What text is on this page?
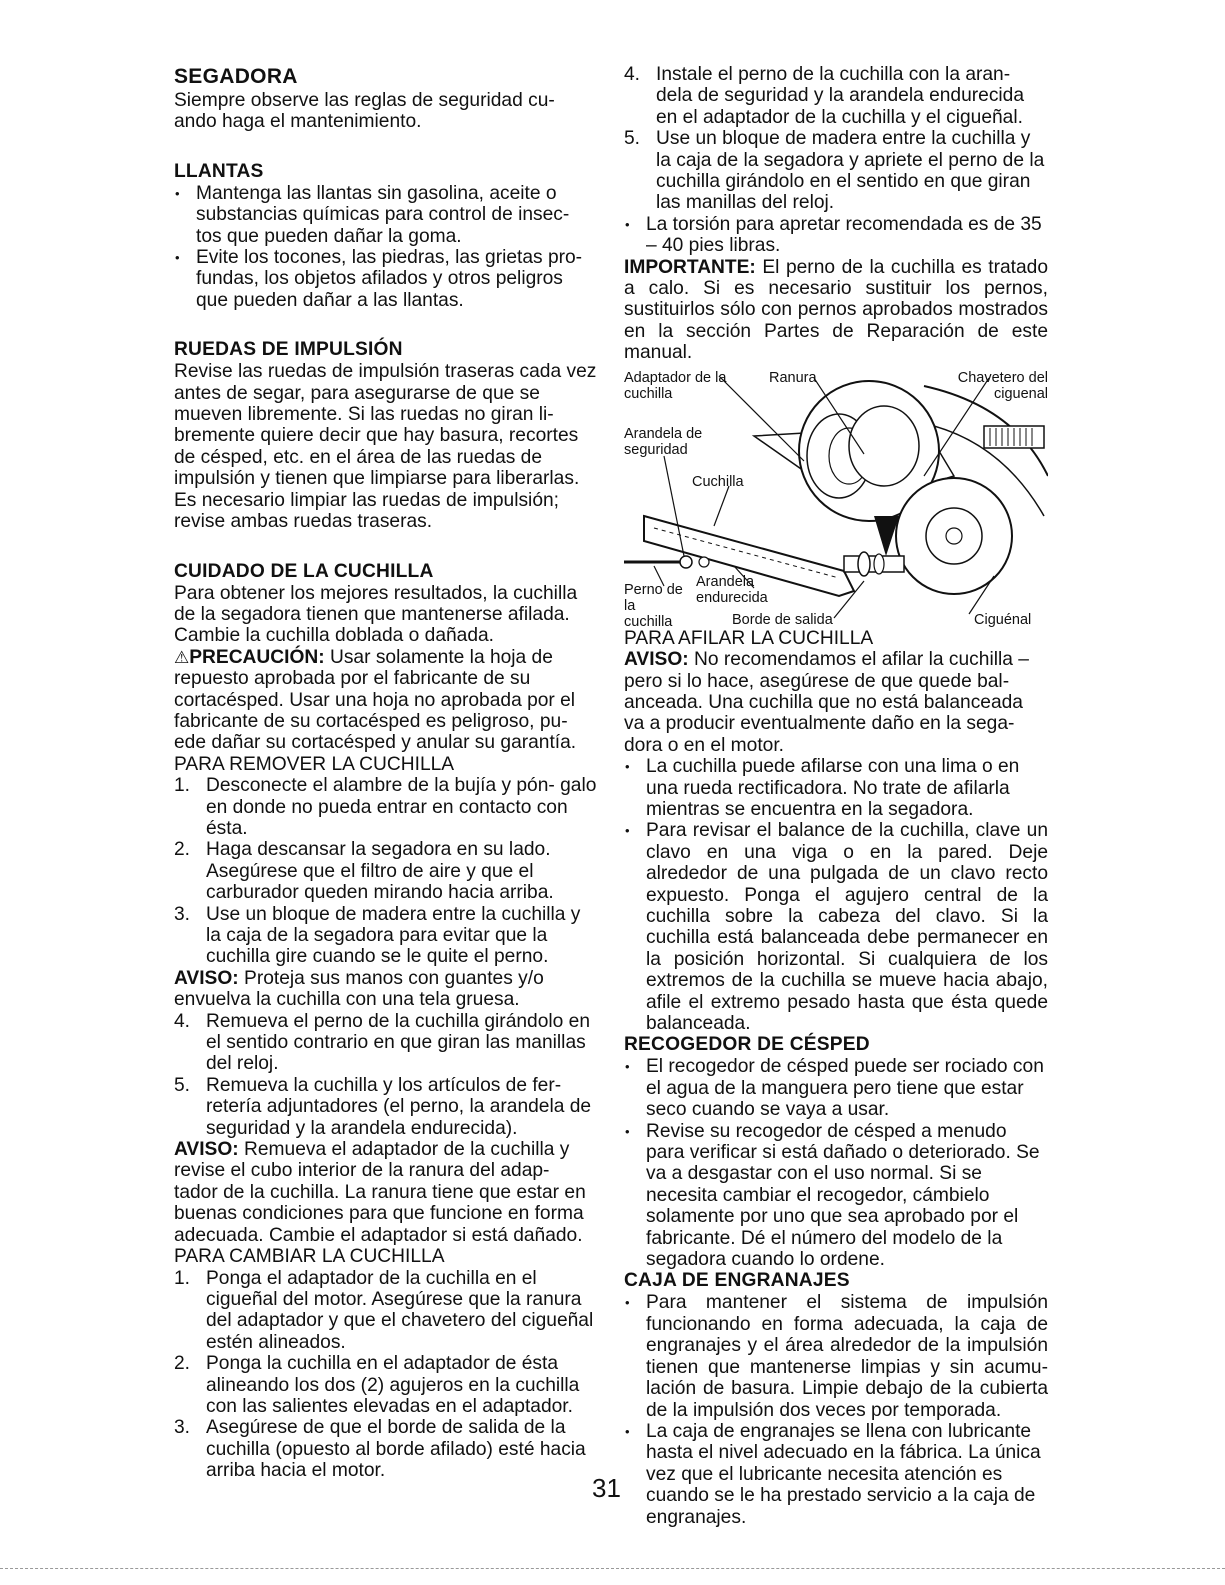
SEGADORA

Siempre observe las reglas de seguridad cu- ando haga el mantenimiento.

LLANTAS
• Mantenga las llantas sin gasolina, aceite o substancias químicas para control de insec- tos que pueden dañar la goma.
• Evite los tocones, las piedras, las grietas pro- fundas, los objetos afilados y otros peligros que pueden dañar a las llantas.
RUEDAS DE IMPULSIÓN

Revise las ruedas de impulsión traseras cada vez antes de segar, para asegurarse de que se mueven libremente. Si las ruedas no giran li- bremente quiere decir que hay basura, recortes de césped, etc. en el área de las ruedas de impulsión y tienen que limpiarse para liberarlas. Es necesario limpiar las ruedas de impulsión; revise ambas ruedas traseras.

CUIDADO DE LA CUCHILLA

Para obtener los mejores resultados, la cuchilla de la segadora tienen que mantenerse afilada. Cambie la cuchilla doblada o dañada.

⚠PRECAUCIÓN: Usar solamente la hoja de repuesto aprobada por el fabricante de su cortacésped. Usar una hoja no aprobada por el fabricante de su cortacésped es peligroso, pu- ede dañar su cortacésped y anular su garantía.

PARA REMOVER LA CUCHILLA

1. Desconecte el alambre de la bujía y pón- galo en donde no pueda entrar en contacto con ésta.
2. Haga descansar la segadora en su lado. Asegúrese que el filtro de aire y que el carburador queden mirando hacia arriba.
3. Use un bloque de madera entre la cuchilla y la caja de la segadora para evitar que la cuchilla gire cuando se le quite el perno.

AVISO: Proteja sus manos con guantes y/o envuelva la cuchilla con una tela gruesa.

4. Remueva el perno de la cuchilla girándolo en el sentido contrario en que giran las manillas del reloj.
5. Remueva la cuchilla y los artículos de fer- retería adjuntadores (el perno, la arandela de seguridad y la arandela endurecida).

AVISO: Remueva el adaptador de la cuchilla y revise el cubo interior de la ranura del adap- tador de la cuchilla. La ranura tiene que estar en buenas condiciones para que funcione en forma adecuada. Cambie el adaptador si está dañado.

PARA CAMBIAR LA CUCHILLA

1. Ponga el adaptador de la cuchilla en el cigueñal del motor. Asegúrese que la ranura del adaptador y que el chavetero del cigueñal estén alineados.
2. Ponga la cuchilla en el adaptador de ésta alineando los dos (2) agujeros en la cuchilla con las salientes elevadas en el adaptador.
3. Asegúrese de que el borde de salida de la cuchilla (opuesto al borde afilado) esté hacia arriba hacia el motor.
4. Instale el perno de la cuchilla con la aran- dela de seguridad y la arandela endurecida en el adaptador de la cuchilla y el cigueñal.
5. Use un bloque de madera entre la cuchilla y la caja de la segadora y apriete el perno de la cuchilla girándolo en el sentido en que giran las manillas del reloj.
• La torsión para apretar recomendada es de 35 – 40 pies libras.

IMPORTANTE: El perno de la cuchilla es tratado a calo. Si es necesario sustituir los pernos, sustituirlos sólo con pernos aprobados mostrados en la sección Partes de Reparación de este manual.

Adaptador de la cuchilla
Ranura	Chavetero del ciguenal
Arandela de seguridad
Cuchilla
Perno de la cuchilla
Arandela endurecida
Borde de salida	Ciguénal

PARA AFILAR LA CUCHILLA

AVISO: No recomendamos el afilar la cuchilla – pero si lo hace, asegúrese de que quede bal- anceada. Una cuchilla que no está balanceada va a producir eventualmente daño en la sega- dora o en el motor.

• La cuchilla puede afilarse con una lima o en una rueda rectificadora. No trate de afilarla mientras se encuentra en la segadora.
• Para revisar el balance de la cuchilla, clave un clavo en una viga o en la pared. Deje alrededor de una pulgada de un clavo recto expuesto. Ponga el agujero central de la cuchilla sobre la cabeza del clavo. Si la cuchilla está balanceada debe permanecer en la posición horizontal. Si cualquiera de los extremos de la cuchilla se mueve hacia abajo, afile el extremo pesado hasta que ésta quede balanceada.
RECOGEDOR DE CÉSPED
• El recogedor de césped puede ser rociado con el agua de la manguera pero tiene que estar seco cuando se vaya a usar.
• Revise su recogedor de césped a menudo para verificar si está dañado o deteriorado. Se va a desgastar con el uso normal. Si se necesita cambiar el recogedor, cámbielo solamente por uno que sea aprobado por el fabricante. Dé el número del modelo de la segadora cuando lo ordene.
CAJA DE ENGRANAJES
• Para mantener el sistema de impulsión funcionando en forma adecuada, la caja de engranajes y el área alrededor de la impulsión tienen que mantenerse limpias y sin acumu- lación de basura. Limpie debajo de la cubierta de la impulsión dos veces por temporada.
• La caja de engranajes se llena con lubricante hasta el nivel adecuado en la fábrica. La única vez que el lubricante necesita atención es cuando se le ha prestado servicio a la caja de engranajes.
31
